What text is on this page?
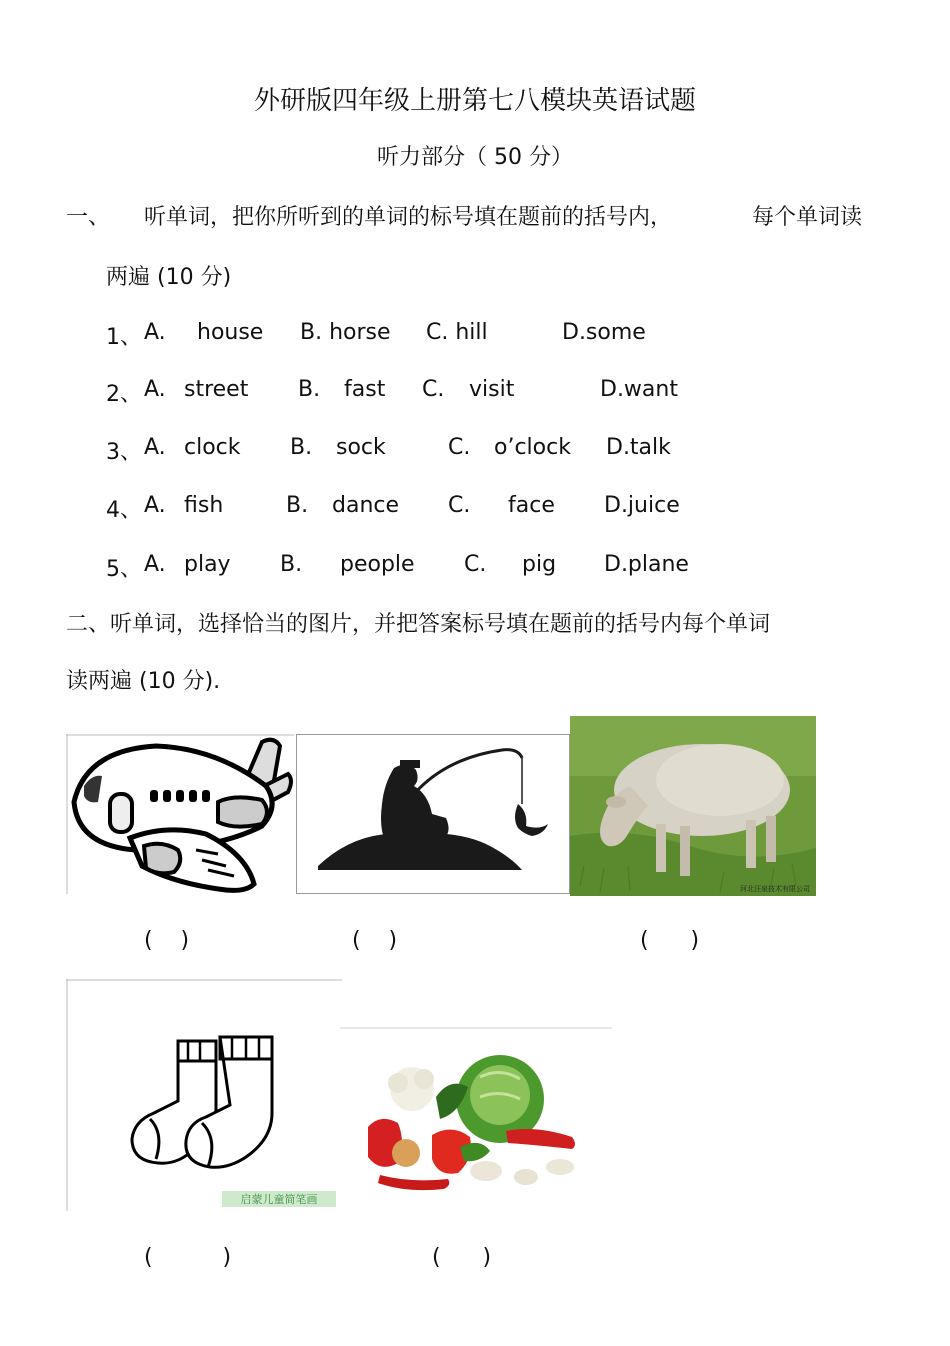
外研版四年级上册第七八模块英语试题
听力部分（ 50 分）
一、 听单词，把你所听到的单词的标号填在题前的括号内，	每个单词读
两遍 (10 分)
1、 A. house B. horse C. hill	D.some
2、 A. street B. fast C. visit	D.want
3、 A. clock B. sock	C. o’clock D.talk
4、 A. fish	B. dance C. face D.juice
5、 A. play B. people C. pig D.plane
二、听单词，选择恰当的图片，并把答案标号填在题前的括号内每个单词
读两遍 (10 分).
河北汪泉技术有限公司
(    )	(    )	(      )
启蒙儿童简笔画
(          )	(      )
